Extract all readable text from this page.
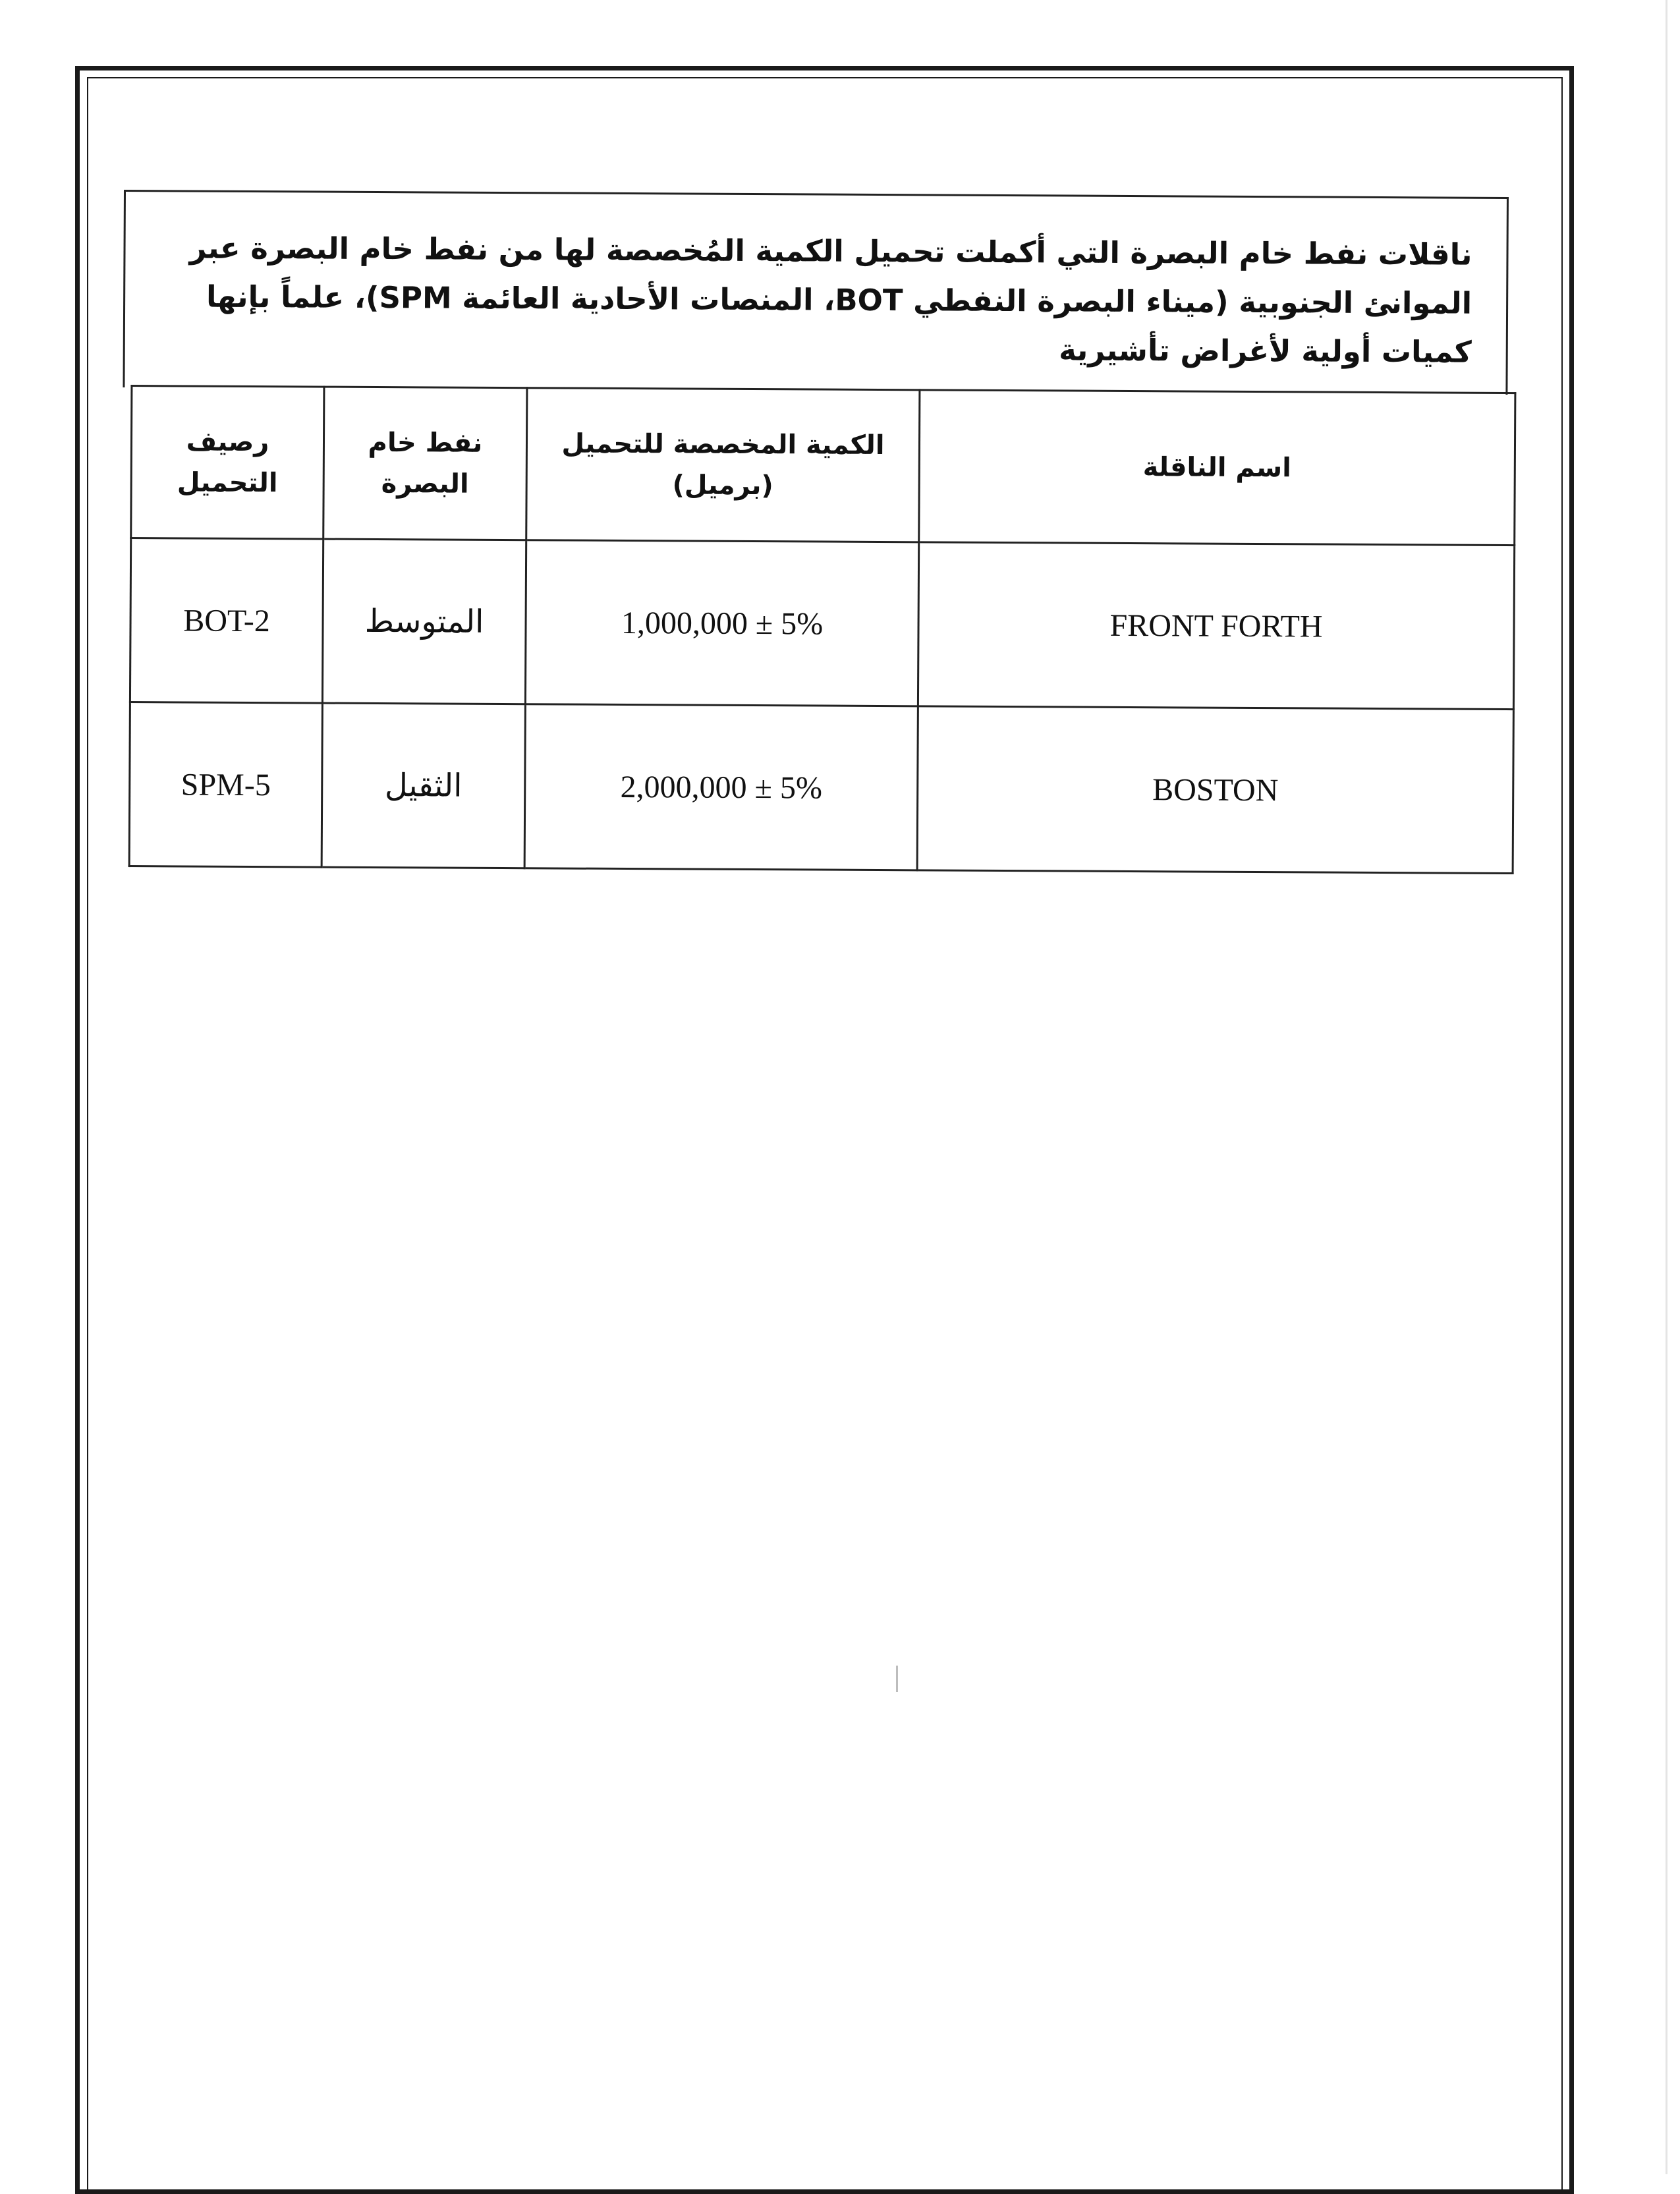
ناقلات نفط خام البصرة التي أكملت تحميل الكمية المُخصصة لها من نفط خام البصرة عبر الموانئ الجنوبية (ميناء البصرة النفطي BOT، المنصات الأحادية العائمة SPM)، علماً بإنها كميات أولية لأغراض تأشيرية
رصيف التحميل	نفط خام البصرة	الكمية المخصصة للتحميل (برميل)	اسم الناقلة
BOT-2	المتوسط	1,000,000 ± 5%	FRONT FORTH
SPM-5	الثقيل	2,000,000 ± 5%	BOSTON
